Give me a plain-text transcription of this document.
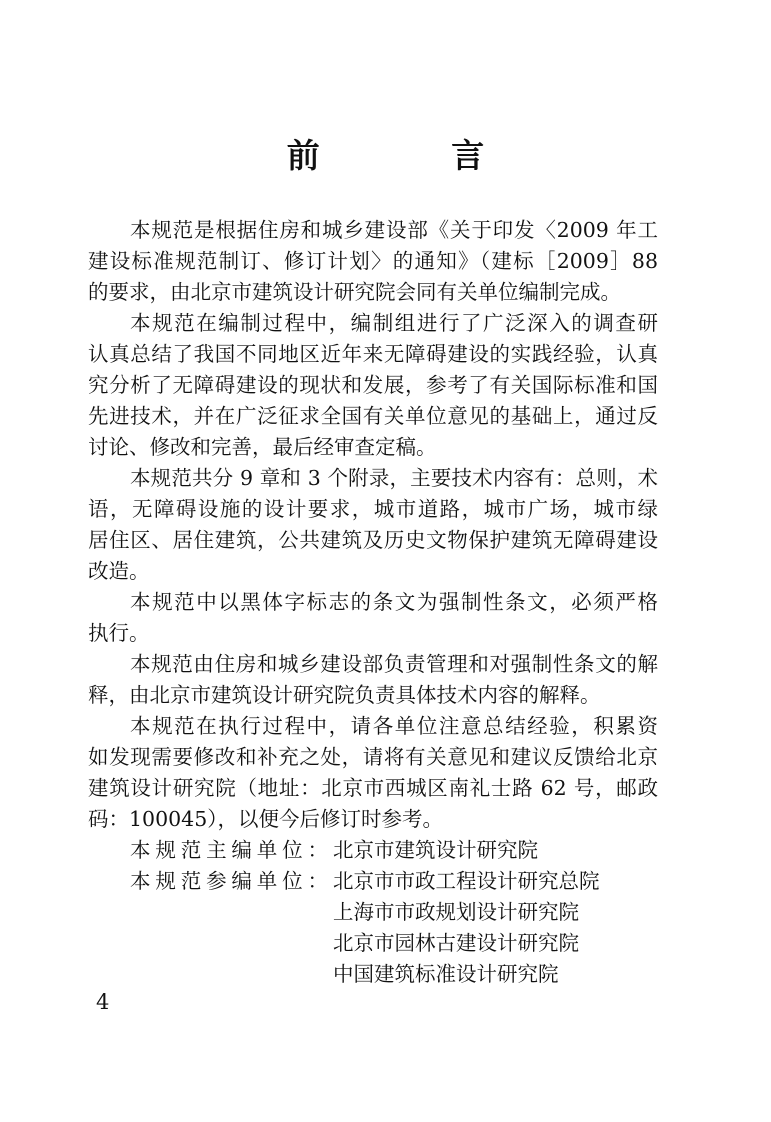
前 言
本规范是根据住房和城乡建设部《关于印发〈2009 年工
建设标准规范制订、修订计划〉的通知》（建标［2009］88
的要求，由北京市建筑设计研究院会同有关单位编制完成。
本规范在编制过程中，编制组进行了广泛深入的调查研
认真总结了我国不同地区近年来无障碍建设的实践经验，认真
究分析了无障碍建设的现状和发展，参考了有关国际标准和国
先进技术，并在广泛征求全国有关单位意见的基础上，通过反
讨论、修改和完善，最后经审查定稿。
本规范共分 9 章和 3 个附录，主要技术内容有：总则，术
语，无障碍设施的设计要求，城市道路，城市广场，城市绿
居住区、居住建筑，公共建筑及历史文物保护建筑无障碍建设
改造。
本规范中以黑体字标志的条文为强制性条文，必须严格
执行。
本规范由住房和城乡建设部负责管理和对强制性条文的解
释，由北京市建筑设计研究院负责具体技术内容的解释。
本规范在执行过程中，请各单位注意总结经验，积累资
如发现需要修改和补充之处，请将有关意见和建议反馈给北京
建筑设计研究院（地址：北京市西城区南礼士路 62 号，邮政
码：100045），以便今后修订时参考。
本规范主编单位： 北京市建筑设计研究院
本规范参编单位： 北京市市政工程设计研究总院
上海市市政规划设计研究院
北京市园林古建设计研究院
中国建筑标准设计研究院
4
